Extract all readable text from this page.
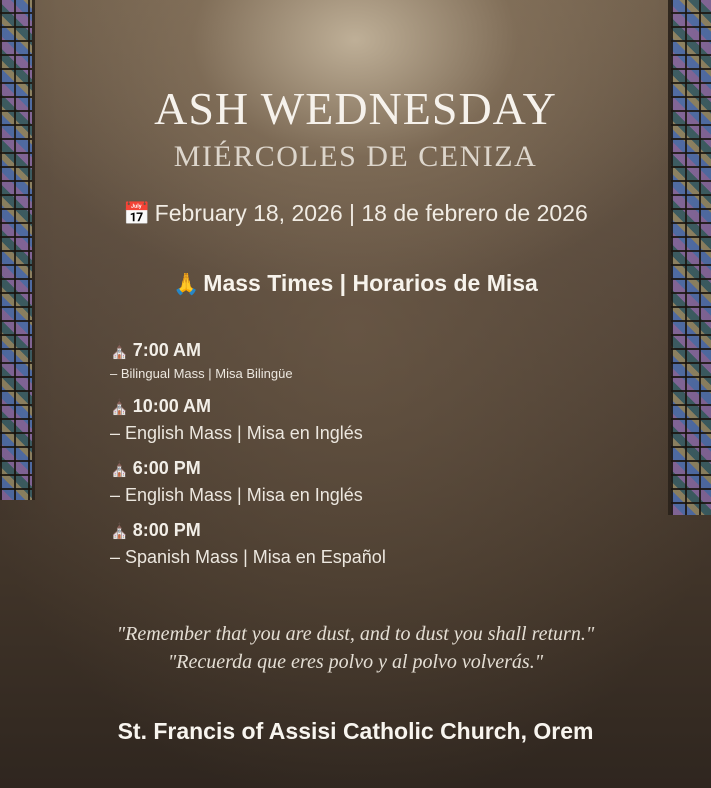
ASH WEDNESDAY
MIÉRCOLES DE CENIZA
📅 February 18, 2026 | 18 de febrero de 2026
🙏 Mass Times | Horarios de Misa
⛪ 7:00 AM
– Bilingual Mass | Misa Bilingüe
⛪ 10:00 AM
– English Mass | Misa en Inglés
⛪ 6:00 PM
– English Mass | Misa en Inglés
⛪ 8:00 PM
– Spanish Mass | Misa en Español
"Remember that you are dust, and to dust you shall return."
"Recuerda que eres polvo y al polvo volverás."
St. Francis of Assisi Catholic Church, Orem
